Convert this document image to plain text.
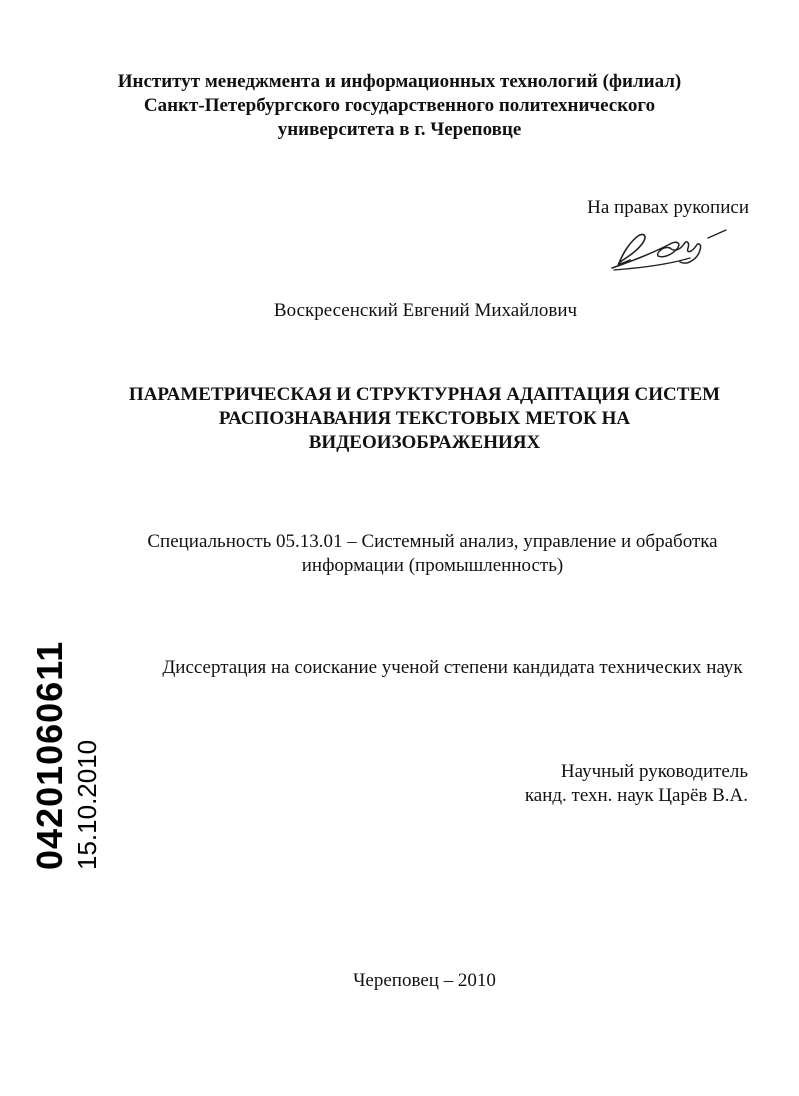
Институт менеджмента и информационных технологий (филиал)
Санкт-Петербургского государственного политехнического
университета в г. Череповце
На правах рукописи
Воскресенский Евгений Михайлович
ПАРАМЕТРИЧЕСКАЯ И СТРУКТУРНАЯ АДАПТАЦИЯ СИСТЕМ
РАСПОЗНАВАНИЯ ТЕКСТОВЫХ МЕТОК НА
ВИДЕОИЗОБРАЖЕНИЯХ
Специальность 05.13.01 – Системный анализ, управление и обработка
информации (промышленность)
Диссертация на соискание ученой степени кандидата технических наук
Научный руководитель
канд. техн. наук Царёв В.А.
Череповец – 2010
04201060611 15.10.2010
